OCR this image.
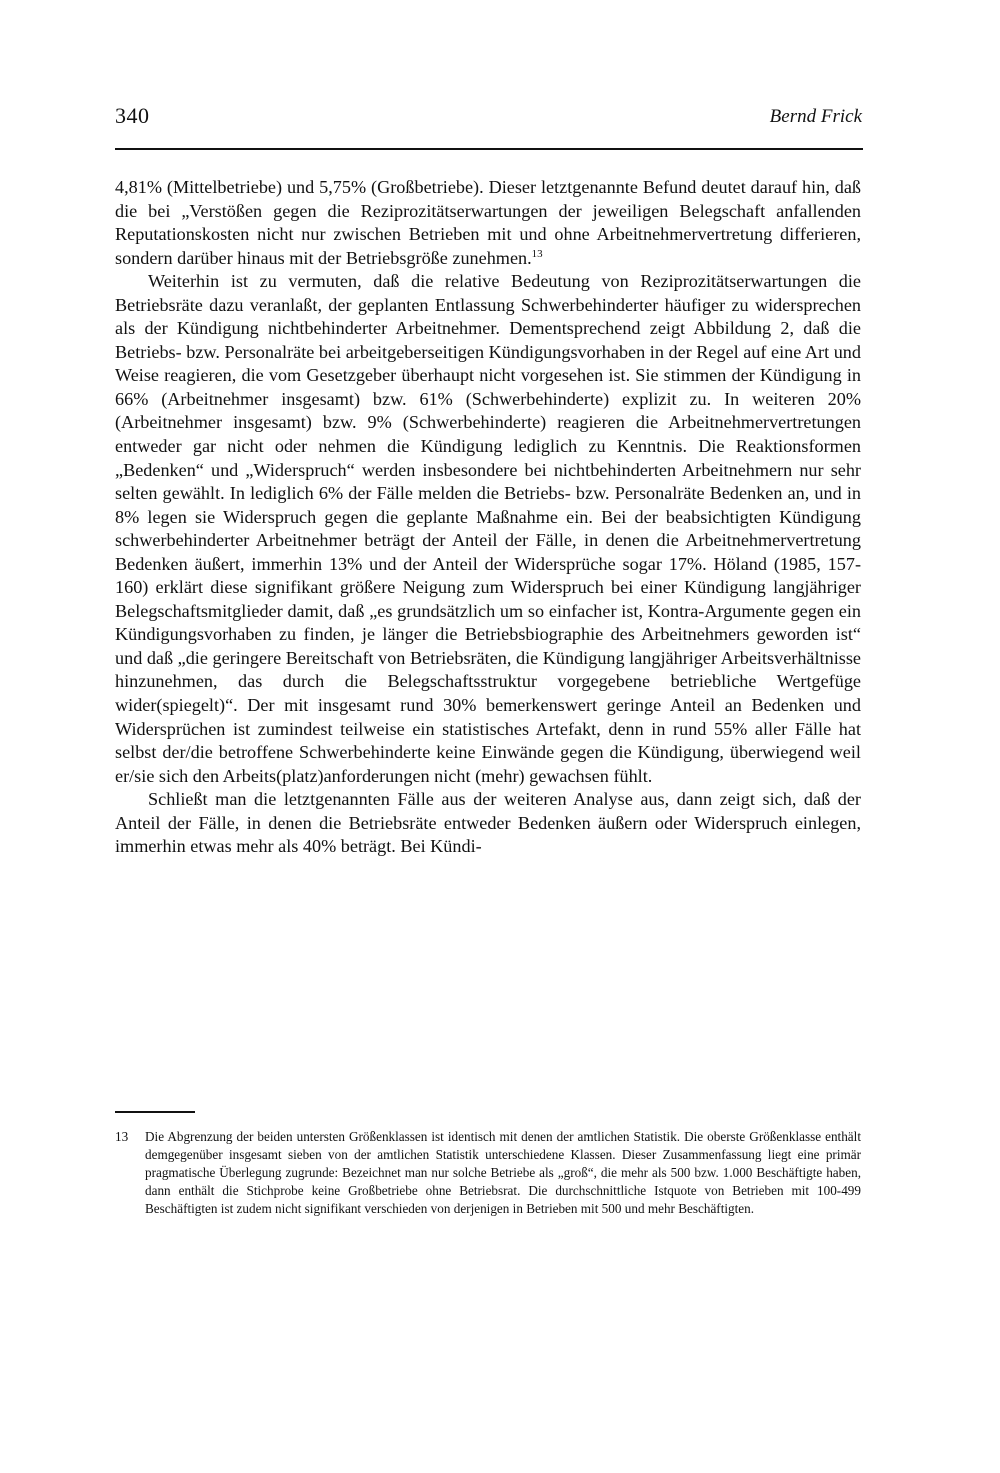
340	Bernd Frick

4,81% (Mittelbetriebe) und 5,75% (Großbetriebe). Dieser letztgenannte Befund deutet darauf hin, daß die bei „Verstößen gegen die Reziprozitätserwartungen der jeweiligen Belegschaft anfallenden Reputationskosten nicht nur zwischen Betrieben mit und ohne Arbeitnehmervertretung differieren, sondern darüber hinaus mit der Betriebsgröße zunehmen.$^{13}$

Weiterhin ist zu vermuten, daß die relative Bedeutung von Reziprozitätserwartungen die Betriebsräte dazu veranlaßt, der geplanten Entlassung Schwerbehinderter häufiger zu widersprechen als der Kündigung nichtbehinderter Arbeitnehmer. Dementsprechend zeigt Abbildung 2, daß die Betriebs- bzw. Personalräte bei arbeitgeberseitigen Kündigungsvorhaben in der Regel auf eine Art und Weise reagieren, die vom Gesetzgeber überhaupt nicht vorgesehen ist. Sie stimmen der Kündigung in 66% (Arbeitnehmer insgesamt) bzw. 61% (Schwerbehinderte) explizit zu. In weiteren 20% (Arbeitnehmer insgesamt) bzw. 9% (Schwerbehinderte) reagieren die Arbeitnehmervertretungen entweder gar nicht oder nehmen die Kündigung lediglich zu Kenntnis. Die Reaktionsformen „Bedenken“ und „Widerspruch“ werden insbesondere bei nichtbehinderten Arbeitnehmern nur sehr selten gewählt. In lediglich 6% der Fälle melden die Betriebs- bzw. Personalräte Bedenken an, und in 8% legen sie Widerspruch gegen die geplante Maßnahme ein. Bei der beabsichtigten Kündigung schwerbehinderter Arbeitnehmer beträgt der Anteil der Fälle, in denen die Arbeitnehmervertretung Bedenken äußert, immerhin 13% und der Anteil der Widersprüche sogar 17%. Höland (1985, 157-160) erklärt diese signifikant größere Neigung zum Widerspruch bei einer Kündigung langjähriger Belegschaftsmitglieder damit, daß „es grundsätzlich um so einfacher ist, Kontra-Argumente gegen ein Kündigungsvorhaben zu finden, je länger die Betriebsbiographie des Arbeitnehmers geworden ist“ und daß „die geringere Bereitschaft von Betriebsräten, die Kündigung langjähriger Arbeitsverhältnisse hinzunehmen, das durch die Belegschaftsstruktur vorgegebene betriebliche Wertgefüge wider(spiegelt)“. Der mit insgesamt rund 30% bemerkenswert geringe Anteil an Bedenken und Widersprüchen ist zumindest teilweise ein statistisches Artefakt, denn in rund 55% aller Fälle hat selbst der/die betroffene Schwerbehinderte keine Einwände gegen die Kündigung, überwiegend weil er/sie sich den Arbeits(platz)anforderungen nicht (mehr) gewachsen fühlt.

Schließt man die letztgenannten Fälle aus der weiteren Analyse aus, dann zeigt sich, daß der Anteil der Fälle, in denen die Betriebsräte entweder Bedenken äußern oder Widerspruch einlegen, immerhin etwas mehr als 40% beträgt. Bei Kündi-

13 Die Abgrenzung der beiden untersten Größenklassen ist identisch mit denen der amtlichen Statistik. Die oberste Größenklasse enthält demgegenüber insgesamt sieben von der amtlichen Statistik unterschiedene Klassen. Dieser Zusammenfassung liegt eine primär pragmatische Überlegung zugrunde: Bezeichnet man nur solche Betriebe als „groß“, die mehr als 500 bzw. 1.000 Beschäftigte haben, dann enthält die Stichprobe keine Großbetriebe ohne Betriebsrat. Die durchschnittliche Istquote von Betrieben mit 100-499 Beschäftigten ist zudem nicht signifikant verschieden von derjenigen in Betrieben mit 500 und mehr Beschäftigten.
